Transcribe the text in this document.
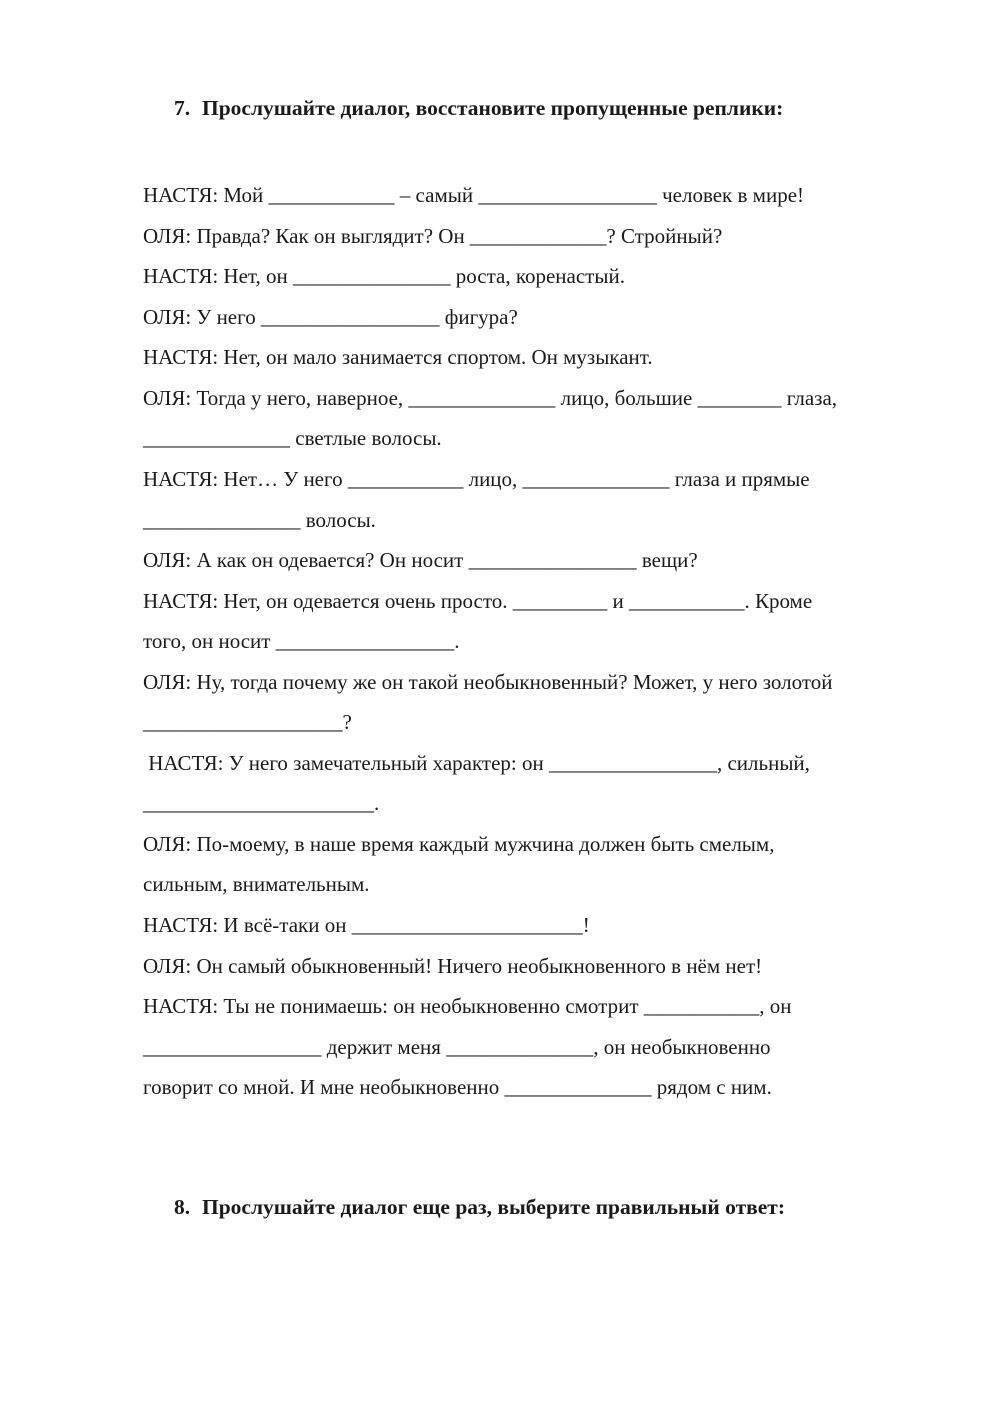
7. Прослушайте диалог, восстановите пропущенные реплики:

НАСТЯ: Мой ____________ – самый _________________ человек в мире!

ОЛЯ: Правда? Как он выглядит? Он _____________? Стройный?

НАСТЯ: Нет, он _______________ роста, коренастый.

ОЛЯ: У него _________________ фигура?

НАСТЯ: Нет, он мало занимается спортом. Он музыкант.

ОЛЯ: Тогда у него, наверное, ______________ лицо, большие ________ глаза,

______________ светлые волосы.

НАСТЯ: Нет… У него ___________ лицо, ______________ глаза и прямые

_______________ волосы.

ОЛЯ: А как он одевается? Он носит ________________ вещи?

НАСТЯ: Нет, он одевается очень просто. _________ и ___________. Кроме

того, он носит _________________.

ОЛЯ: Ну, тогда почему же он такой необыкновенный? Может, у него золотой

___________________?

НАСТЯ: У него замечательный характер: он ________________, сильный,

______________________.

ОЛЯ: По-моему, в наше время каждый мужчина должен быть смелым,

сильным, внимательным.

НАСТЯ: И всё-таки он ______________________!

ОЛЯ: Он самый обыкновенный! Ничего необыкновенного в нём нет!

НАСТЯ: Ты не понимаешь: он необыкновенно смотрит ___________, он

_________________ держит меня ______________, он необыкновенно

говорит со мной. И мне необыкновенно ______________ рядом с ним.

8. Прослушайте диалог еще раз, выберите правильный ответ:
